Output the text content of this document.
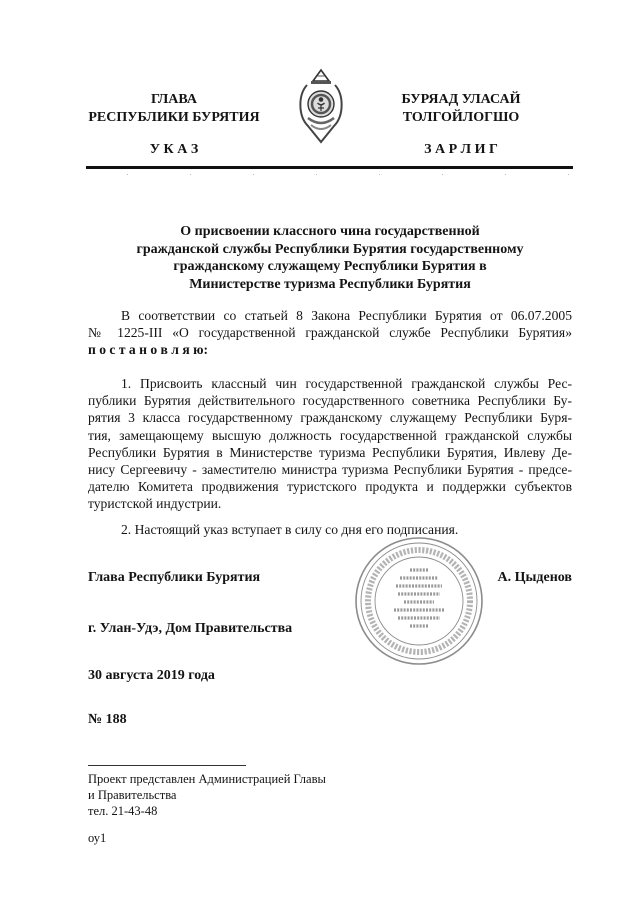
ГЛАВА
РЕСПУБЛИКИ БУРЯТИЯ
У К А З
БУРЯАД УЛАСАЙ
ТОЛГОЙЛОГШО
З А Р Л И Г
О присвоении классного чина государственной
гражданской службы Республики Бурятия государственному
гражданскому служащему Республики Бурятия в
Министерстве туризма Республики Бурятия
В соответствии со статьей 8 Закона Республики Бурятия от 06.07.2005
№ 1225-III «О государственной гражданской службе Республики Бурятия»
п о с т а н о в л я ю:
1. Присвоить классный чин государственной гражданской службы Рес-
публики Бурятия действительного государственного советника Республики Бу-
рятия 3 класса государственному гражданскому служащему Республики Буря-
тия, замещающему высшую должность государственной гражданской службы
Республики Бурятия в Министерстве туризма Республики Бурятия, Ивлеву Де-
нису Сергеевичу - заместителю министра туризма Республики Бурятия - предсе-
дателю Комитета продвижения туристского продукта и поддержки субъектов
туристской индустрии.
2. Настоящий указ вступает в силу со дня его подписания.
Глава Республики Бурятия	А. Цыденов
г. Улан-Удэ, Дом Правительства
30 августа 2019 года
№ 188
Проект представлен Администрацией Главы
и Правительства
тел. 21-43-48
оу1
